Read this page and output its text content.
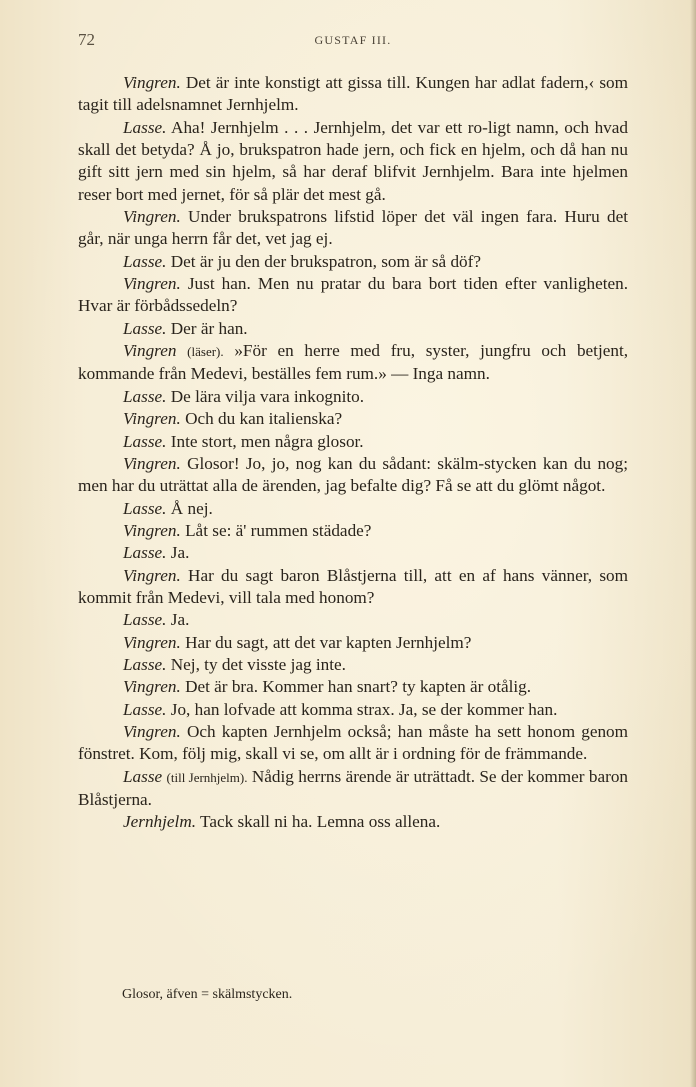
72	GUSTAF III.

Vingren. Det är inte konstigt att gissa till. Kungen har adlat fadern,‹ som tagit till adelsnamnet Jernhjelm.

Lasse. Aha! Jernhjelm . . . Jernhjelm, det var ett ro-ligt namn, och hvad skall det betyda? Å jo, brukspatron hade jern, och fick en hjelm, och då han nu gift sitt jern med sin hjelm, så har deraf blifvit Jernhjelm. Bara inte hjelmen reser bort med jernet, för så plär det mest gå.

Vingren. Under brukspatrons lifstid löper det väl ingen fara. Huru det går, när unga herrn får det, vet jag ej.

Lasse. Det är ju den der brukspatron, som är så döf?

Vingren. Just han. Men nu pratar du bara bort tiden efter vanligheten. Hvar är förbådssedeln?

Lasse. Der är han.

Vingren (läser). »För en herre med fru, syster, jungfru och betjent, kommande från Medevi, beställes fem rum.» — Inga namn.

Lasse. De lära vilja vara inkognito.

Vingren. Och du kan italienska?

Lasse. Inte stort, men några glosor.

Vingren. Glosor! Jo, jo, nog kan du sådant: skälm-stycken kan du nog; men har du uträttat alla de ärenden, jag befalte dig? Få se att du glömt något.

Lasse. Å nej.

Vingren. Låt se: ä' rummen städade?

Lasse. Ja.

Vingren. Har du sagt baron Blåstjerna till, att en af hans vänner, som kommit från Medevi, vill tala med honom?

Lasse. Ja.

Vingren. Har du sagt, att det var kapten Jernhjelm?

Lasse. Nej, ty det visste jag inte.

Vingren. Det är bra. Kommer han snart? ty kapten är otålig.

Lasse. Jo, han lofvade att komma strax. Ja, se der kommer han.

Vingren. Och kapten Jernhjelm också; han måste ha sett honom genom fönstret. Kom, följ mig, skall vi se, om allt är i ordning för de främmande.

Lasse (till Jernhjelm). Nådig herrns ärende är uträttadt. Se der kommer baron Blåstjerna.

Jernhjelm. Tack skall ni ha. Lemna oss allena.

Glosor, äfven = skälmstycken.
